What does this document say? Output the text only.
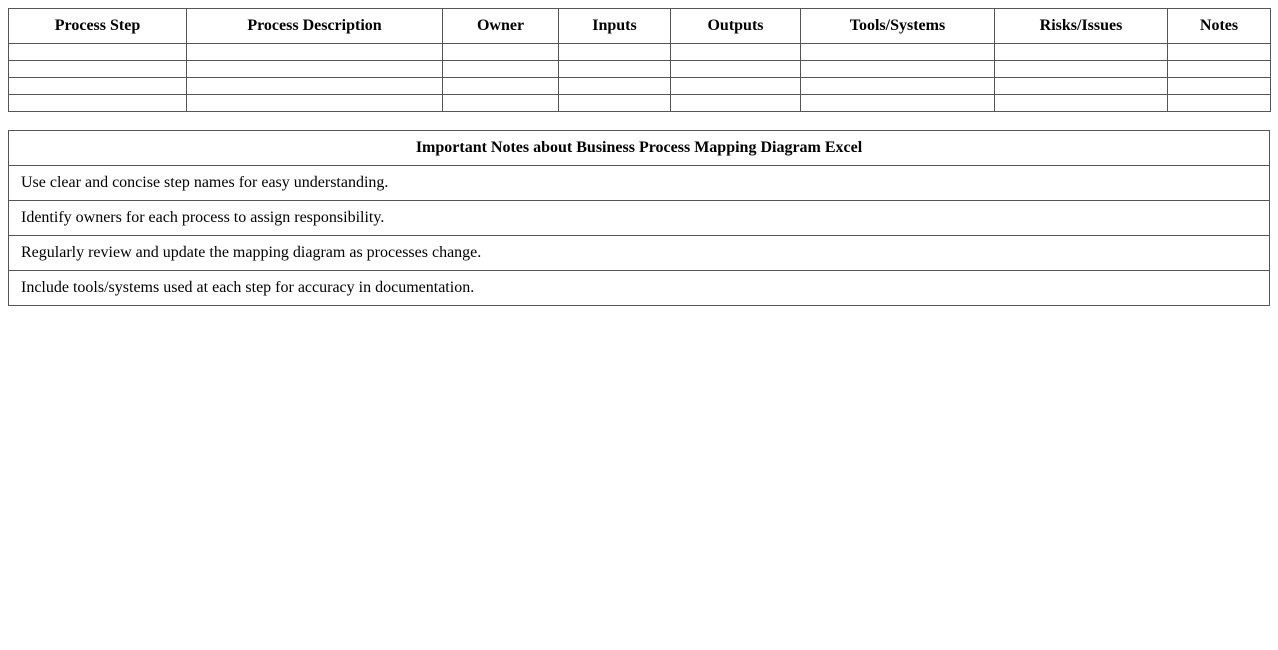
Process Step	Process Description	Owner	Inputs	Outputs	Tools/Systems	Risks/Issues	Notes

Important Notes about Business Process Mapping Diagram Excel
Use clear and concise step names for easy understanding.
Identify owners for each process to assign responsibility.
Regularly review and update the mapping diagram as processes change.
Include tools/systems used at each step for accuracy in documentation.
